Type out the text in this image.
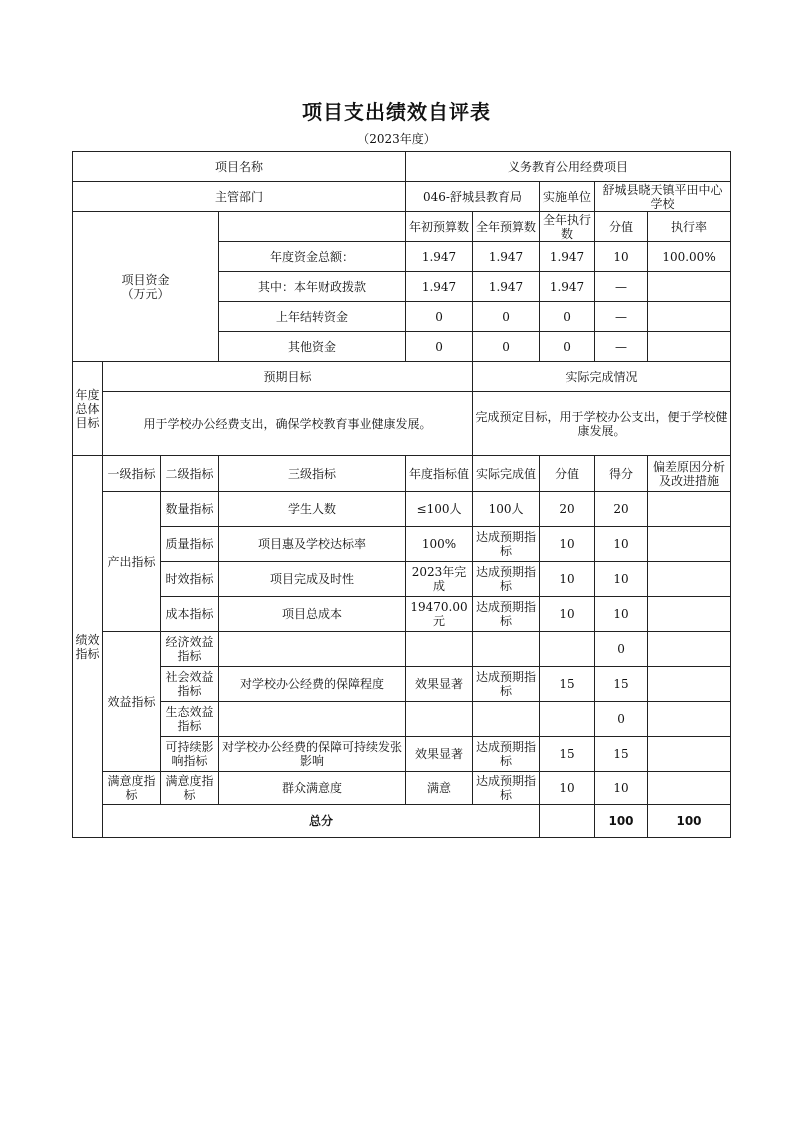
项目支出绩效自评表
（2023年度）
项目名称				义务教育公用经费项目					
主管部门				046-舒城县教育局		实施单位	舒城县晓天镇平田中心学校		
项目资金
（万元）				年初预算数	全年预算数	全年执行数	分值	执行率	
			年度资金总额：	1.947	1.947	1.947	10	100.00%	
			其中：本年财政拨款	1.947	1.947	1.947	—		
			上年结转资金	0	0	0	—		
			其他资金	0	0	0	—		
年度总体目标	预期目标				实际完成情况				
	用于学校办公经费支出，确保学校教育事业健康发展。				完成预定目标，用于学校办公支出，便于学校健康发展。				
绩效指标	一级指标	二级指标	三级指标	年度指标值	实际完成值	分值	得分	偏差原因分析及改进措施	
	产出指标	数量指标	学生人数	≤100人	100人	20	20		
		质量指标	项目惠及学校达标率	100%	达成预期指标	10	10		
		时效指标	项目完成及时性	2023年完成	达成预期指标	10	10		
		成本指标	项目总成本	19470.00元	达成预期指标	10	10		
	效益指标	经济效益指标					0		
		社会效益指标	对学校办公经费的保障程度	效果显著	达成预期指标	15	15		
		生态效益指标					0		
		可持续影响指标	对学校办公经费的保障可持续发张影响	效果显著	达成预期指标	15	15		
	满意度指标	满意度指标	群众满意度	满意	达成预期指标	10	10		
	总分						100	100	
